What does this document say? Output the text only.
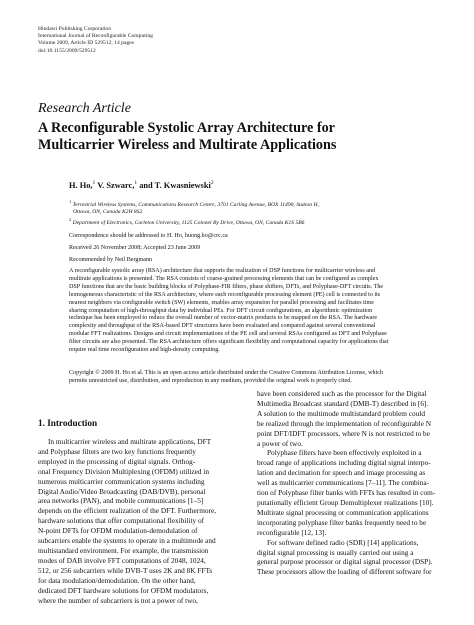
Hindawi Publishing Corporation
International Journal of Reconfigurable Computing
Volume 2009, Article ID 529512, 14 pages
doi:10.1155/2009/529512
Research Article
A Reconfigurable Systolic Array Architecture for
Multicarrier Wireless and Multirate Applications
H. Ho,$^1$ V. Szwarc,$^1$ and T. Kwasniewski$^2$
$^1$ Terrestrial Wireless Systems, Communications Research Centre, 3701 Carling Avenue, BOX 11490, Station H,
Ottawa, ON, Canada K2H 8S2
$^2$ Department of Electronics, Carleton University, 1125 Colonel By Drive, Ottawa, ON, Canada K1S 5B6
Correspondence should be addressed to H. Ho, huong.ho@crc.ca
Received 26 November 2008; Accepted 23 June 2009
Recommended by Neil Bergmann
A reconfigurable systolic array (RSA) architecture that supports the realization of DSP functions for multicarrier wireless and
multirate applications is presented. The RSA consists of coarse-grained processing elements that can be configured as complex
DSP functions that are the basic building blocks of Polyphase-FIR filters, phase shifters, DFTs, and Polyphase-DFT circuits. The
homogeneous characteristic of the RSA architecture, where each reconfigurable processing element (PE) cell is connected to its
nearest neighbors via configurable switch (SW) elements, enables array expansion for parallel processing and facilitates time
sharing computation of high-throughput data by individual PEs. For DFT circuit configurations, an algorithmic optimization
technique has been employed to reduce the overall number of vector-matrix products to be mapped on the RSA. The hardware
complexity and throughput of the RSA-based DFT structures have been evaluated and compared against several conventional
modular FFT realizations. Designs and circuit implementations of the PE cell and several RSAs configured as DFT and Polyphase
filter circuits are also presented. The RSA architecture offers significant flexibility and computational capacity for applications that
require real time reconfiguration and high-density computing.
Copyright © 2009 H. Ho et al. This is an open access article distributed under the Creative Commons Attribution License, which
permits unrestricted use, distribution, and reproduction in any medium, provided the original work is properly cited.
1. Introduction
In multicarrier wireless and multirate applications, DFT
and Polyphase filters are two key functions frequently
employed in the processing of digital signals. Orthog-
onal Frequency Division Multiplexing (OFDM) utilized in
numerous multicarrier communication systems including
Digital Audio/Video Broadcasting (DAB/DVB), personal
area networks (PAN), and mobile communications [1–5]
depends on the efficient realization of the DFT. Furthermore,
hardware solutions that offer computational flexibility of
N-point DFTs for OFDM modulation-demodulation of
subcarriers enable the systems to operate in a multimode and
multistandard environment. For example, the transmission
modes of DAB involve FFT computations of 2048, 1024,
512, or 256 subcarriers while DVB-T uses 2K and 8K FFTs
for data modulation/demodulation. On the other hand,
dedicated DFT hardware solutions for OFDM modulators,
where the number of subcarriers is not a power of two,
have been considered such as the processor for the Digital
Multimedia Broadcast standard (DMB-T) described in [6].
A solution to the multimode multistandard problem could
be realized through the implementation of reconfigurable N
point DFT/IDFT processors, where N is not restricted to be
a power of two.
Polyphase filters have been effectively exploited in a
broad range of applications including digital signal interpo-
lation and decimation for speech and image processing as
well as multicarrier communications [7–11]. The combina-
tion of Polyphase filter banks with FFTs has resulted in com-
putationally efficient Group Demultiplexer realizations [10].
Multirate signal processing or communication applications
incorporating polyphase filter banks frequently need to be
reconfigurable [12, 13].
For software defined radio (SDR) [14] applications,
digital signal processing is usually carried out using a
general purpose processor or digital signal processor (DSP).
These processors allow the loading of different software for
